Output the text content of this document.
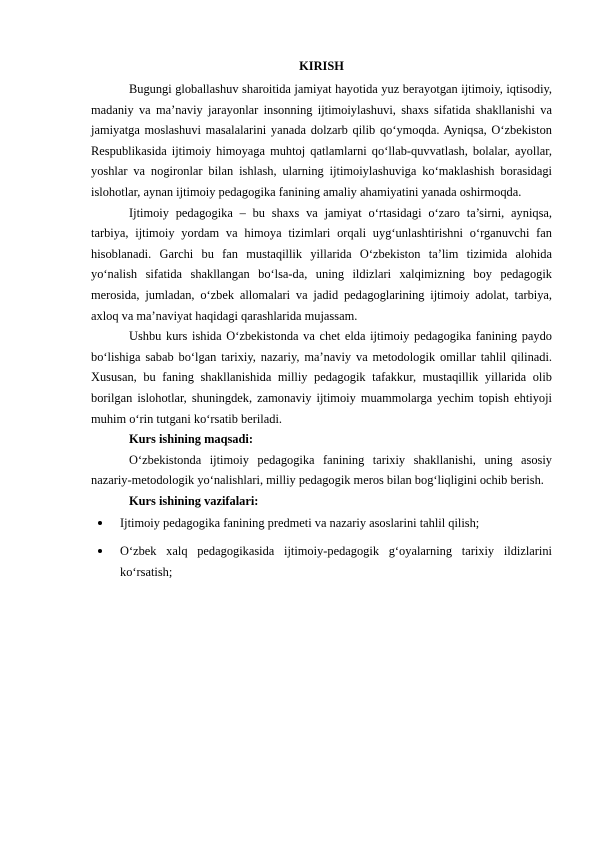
KIRISH

Bugungi globallashuv sharoitida jamiyat hayotida yuz berayotgan ijtimoiy, iqtisodiy, madaniy va ma’naviy jarayonlar insonning ijtimoiylashuvi, shaxs sifatida shakllanishi va jamiyatga moslashuvi masalalarini yanada dolzarb qilib qo‘ymoqda. Ayniqsa, O‘zbekiston Respublikasida ijtimoiy himoyaga muhtoj qatlamlarni qo‘llab-quvvatlash, bolalar, ayollar, yoshlar va nogironlar bilan ishlash, ularning ijtimoiylashuviga ko‘maklashish borasidagi islohotlar, aynan ijtimoiy pedagogika fanining amaliy ahamiyatini yanada oshirmoqda.

Ijtimoiy pedagogika – bu shaxs va jamiyat o‘rtasidagi o‘zaro ta’sirni, ayniqsa, tarbiya, ijtimoiy yordam va himoya tizimlari orqali uyg‘unlashtirishni o‘rganuvchi fan hisoblanadi. Garchi bu fan mustaqillik yillarida O‘zbekiston ta’lim tizimida alohida yo‘nalish sifatida shakllangan bo‘lsa-da, uning ildizlari xalqimizning boy pedagogik merosida, jumladan, o‘zbek allomalari va jadid pedagoglarining ijtimoiy adolat, tarbiya, axloq va ma’naviyat haqidagi qarashlarida mujassam.

Ushbu kurs ishida O‘zbekistonda va chet elda ijtimoiy pedagogika fanining paydo bo‘lishiga sabab bo‘lgan tarixiy, nazariy, ma’naviy va metodologik omillar tahlil qilinadi. Xususan, bu faning shakllanishida milliy pedagogik tafakkur, mustaqillik yillarida olib borilgan islohotlar, shuningdek, zamonaviy ijtimoiy muammolarga yechim topish ehtiyoji muhim o‘rin tutgani ko‘rsatib beriladi.

Kurs ishining maqsadi:

O‘zbekistonda ijtimoiy pedagogika fanining tarixiy shakllanishi, uning asosiy nazariy-metodologik yo‘nalishlari, milliy pedagogik meros bilan bog‘liqligini ochib berish.

Kurs ishining vazifalari:
Ijtimoiy pedagogika fanining predmeti va nazariy asoslarini tahlil qilish;
O‘zbek xalq pedagogikasida ijtimoiy-pedagogik g‘oyalarning tarixiy ildizlarini ko‘rsatish;
